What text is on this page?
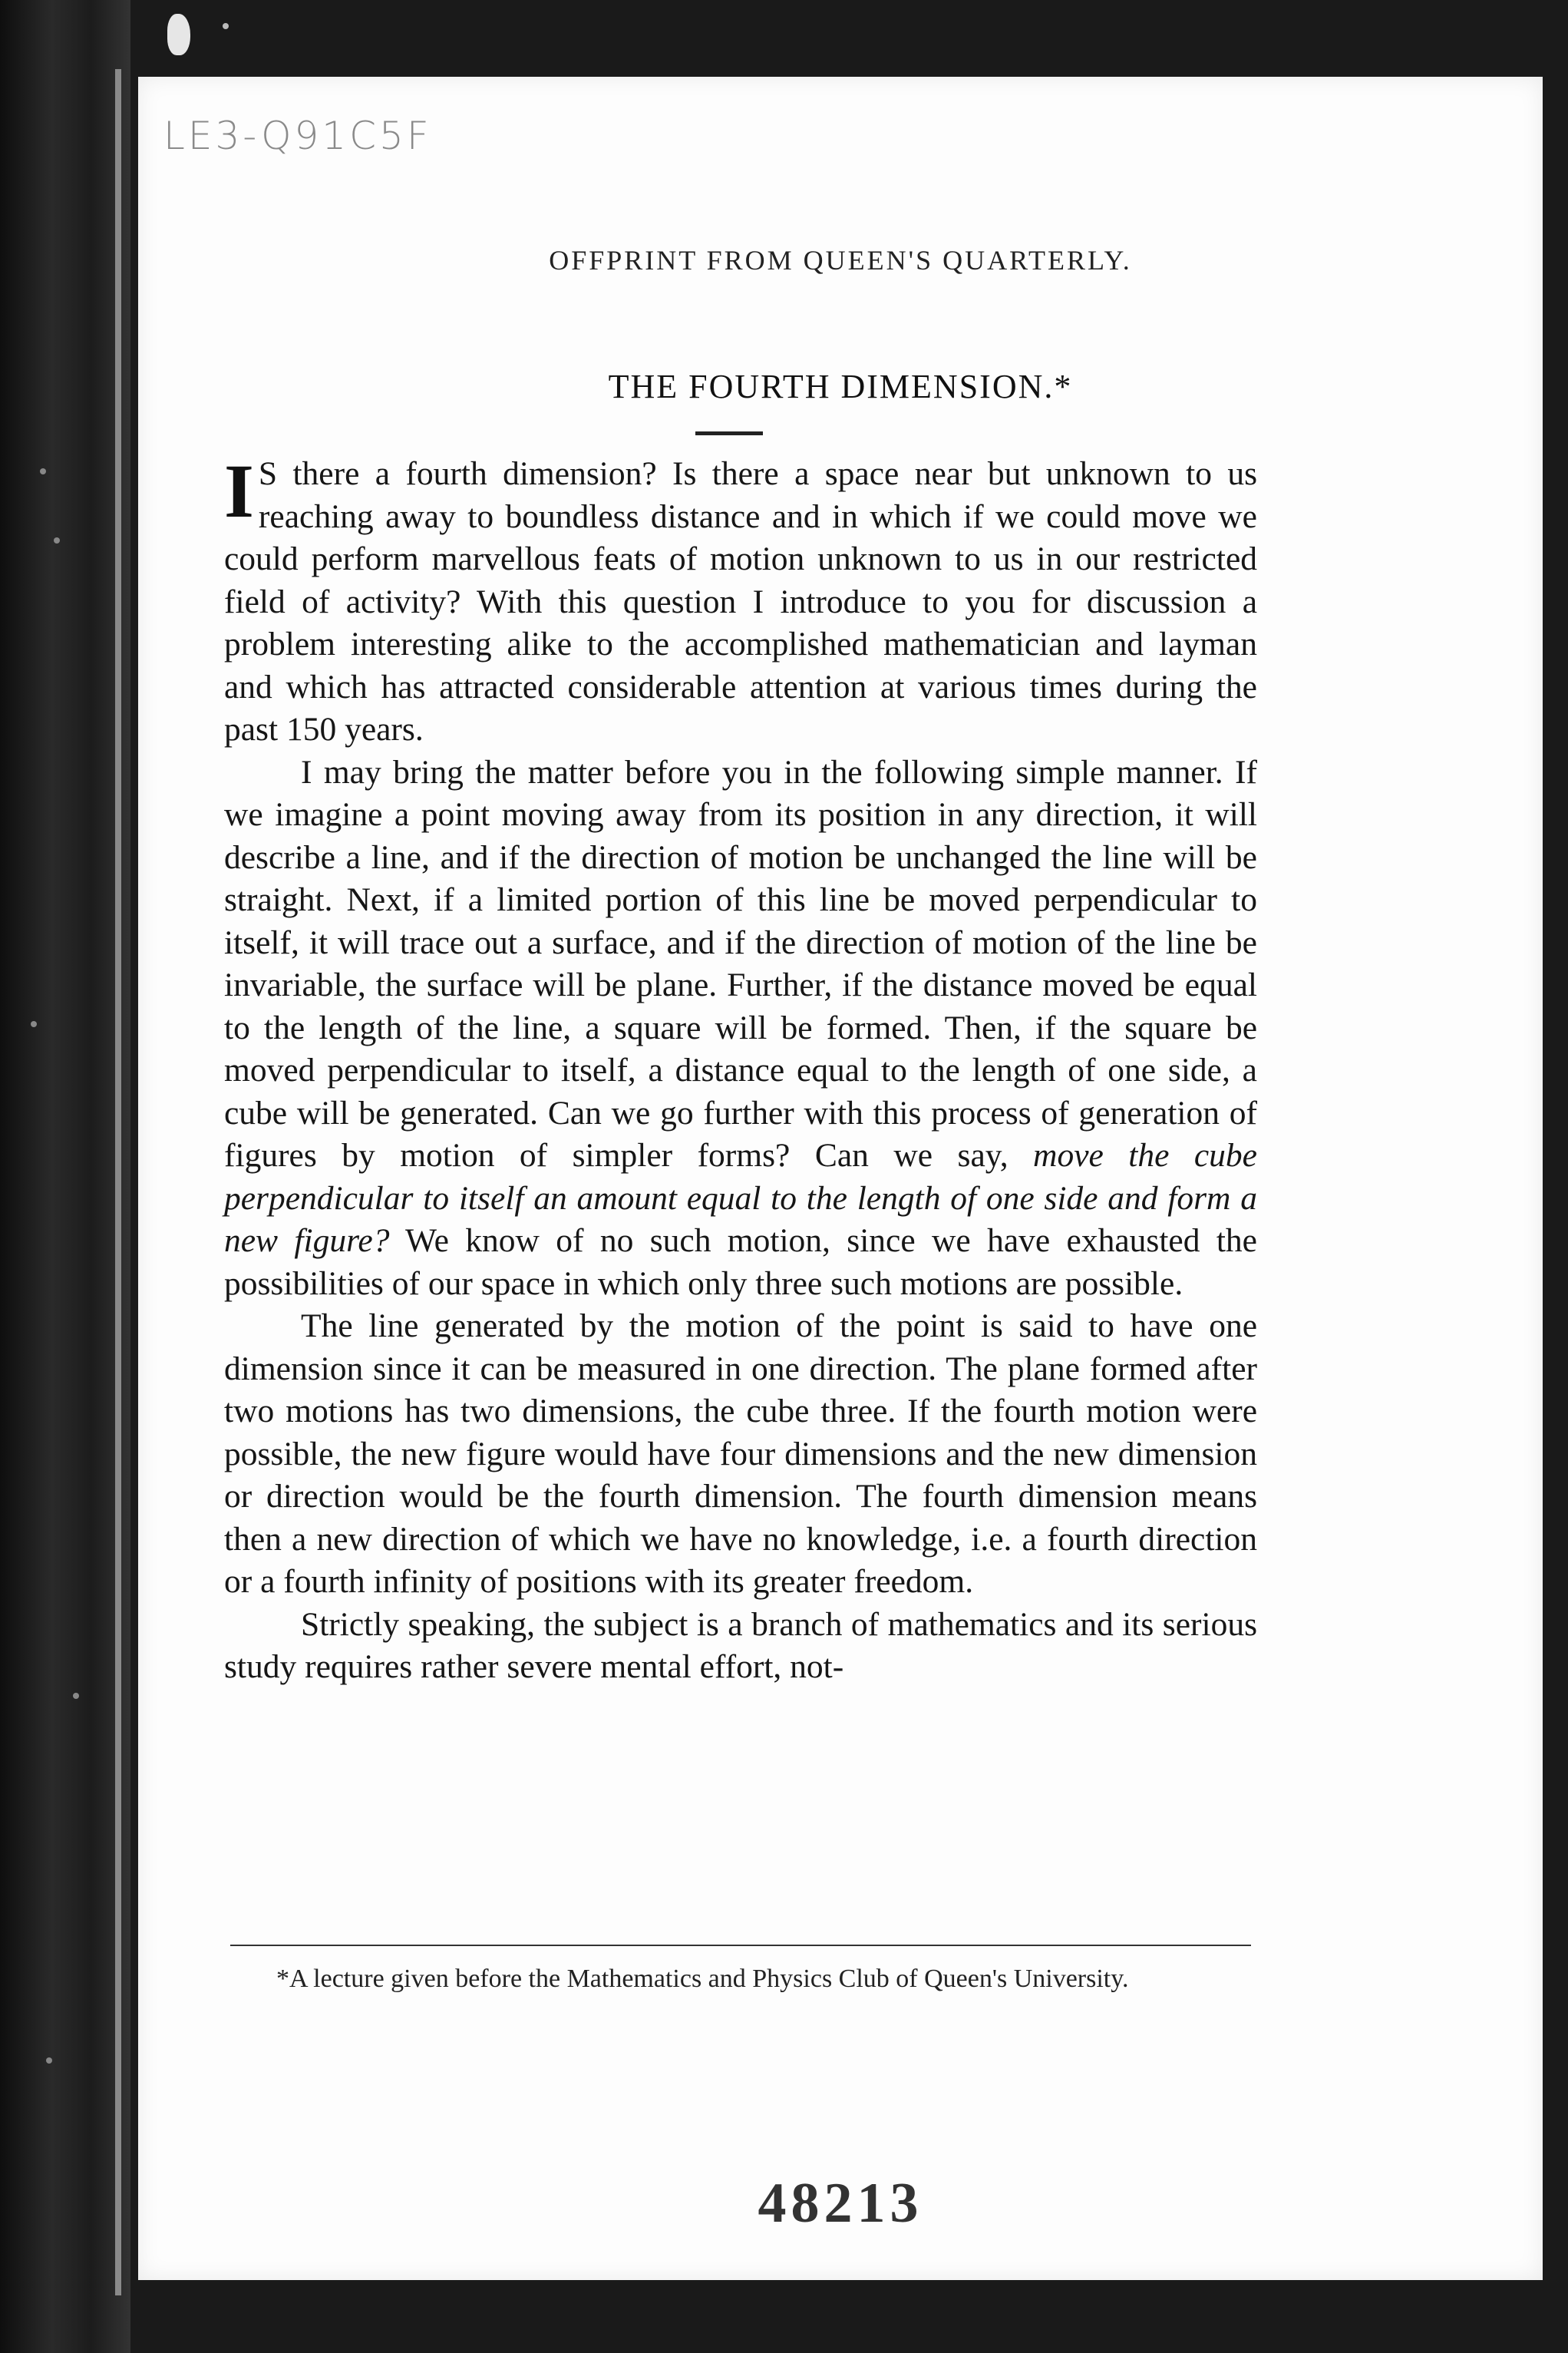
LE3-Q91C5F
OFFPRINT FROM QUEEN'S QUARTERLY.
THE FOURTH DIMENSION.*

I S there a fourth dimension? Is there a space near but unknown to us reaching away to boundless distance and in which if we could move we could perform marvellous feats of motion unknown to us in our restricted field of activity? With this question I introduce to you for discussion a problem interesting alike to the accomplished mathematician and layman and which has attracted considerable attention at various times during the past 150 years.

I may bring the matter before you in the following simple manner. If we imagine a point moving away from its position in any direction, it will describe a line, and if the direction of motion be unchanged the line will be straight. Next, if a limited portion of this line be moved perpendicular to itself, it will trace out a surface, and if the direction of motion of the line be invariable, the surface will be plane. Further, if the distance moved be equal to the length of the line, a square will be formed. Then, if the square be moved perpendicular to itself, a distance equal to the length of one side, a cube will be generated. Can we go further with this process of generation of figures by motion of simpler forms? Can we say, move the cube perpendicular to itself an amount equal to the length of one side and form a new figure? We know of no such motion, since we have exhausted the possibilities of our space in which only three such motions are possible.

The line generated by the motion of the point is said to have one dimension since it can be measured in one direction. The plane formed after two motions has two dimensions, the cube three. If the fourth motion were possible, the new figure would have four dimensions and the new dimension or direction would be the fourth dimension. The fourth dimension means then a new direction of which we have no knowledge, i.e. a fourth direction or a fourth infinity of positions with its greater freedom.

Strictly speaking, the subject is a branch of mathematics and its serious study requires rather severe mental effort, not-

*A lecture given before the Mathematics and Physics Club of Queen's University.
48213
